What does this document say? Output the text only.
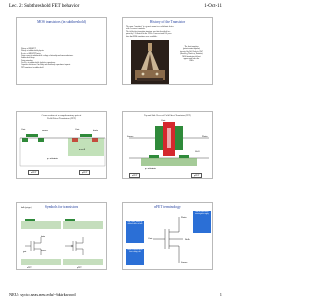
Lec. 2: Subthreshold FET behavior	1-Oct-11
MOS transistors (in subthreshold)
History of MOSFET
History of subthreshold physics
Review of MOSFET basics
Drain current in subthreshold: voltage relationship and transconductance
Subthreshold slope
Drain saturation
Dev/Dev in subthreshold: depletion capacitance
Capacitive divisions: Gate/body and drain/body capacitance impacts
FET transistors in subthreshold
History of the Transistor
The name "transistor" is a generic name for a solid-state device
with 3 or more terminals.
The field-effect transistor structure was first described in a
patent by J. Lilienfeld in the 1920s. It was not until 50 years
later that MOS transistors were available.
The first transistor
(point-contact bipolar)
invented by Bell Labs in 1947
(Shockley, Bardeen, Brattain).
MOS transistors did not
appear until after the
1960s.
Cross-section of a complementary pair of
Field-Effect Transistors (FET)
Gate	source	Gate	drain
n-well
p- substrate
nFET	pFET
Top and Side Views of Field Effect Transistors (FET)
Gate
Source	Drain
Well
p- substrate
nFET	pFET
Symbols for transistors
bulk (p-type)
drain
source
gate
nFET	pFET
nFET terminology
Gate
Drain
Source
Bulk
Gate, Drain, Source are defined relative to bulk
Bulk is connected to most negative supply
Source is defined as the lower voltage side
NEU: sycto.seas.neu.edu/~bkirkwood	1
